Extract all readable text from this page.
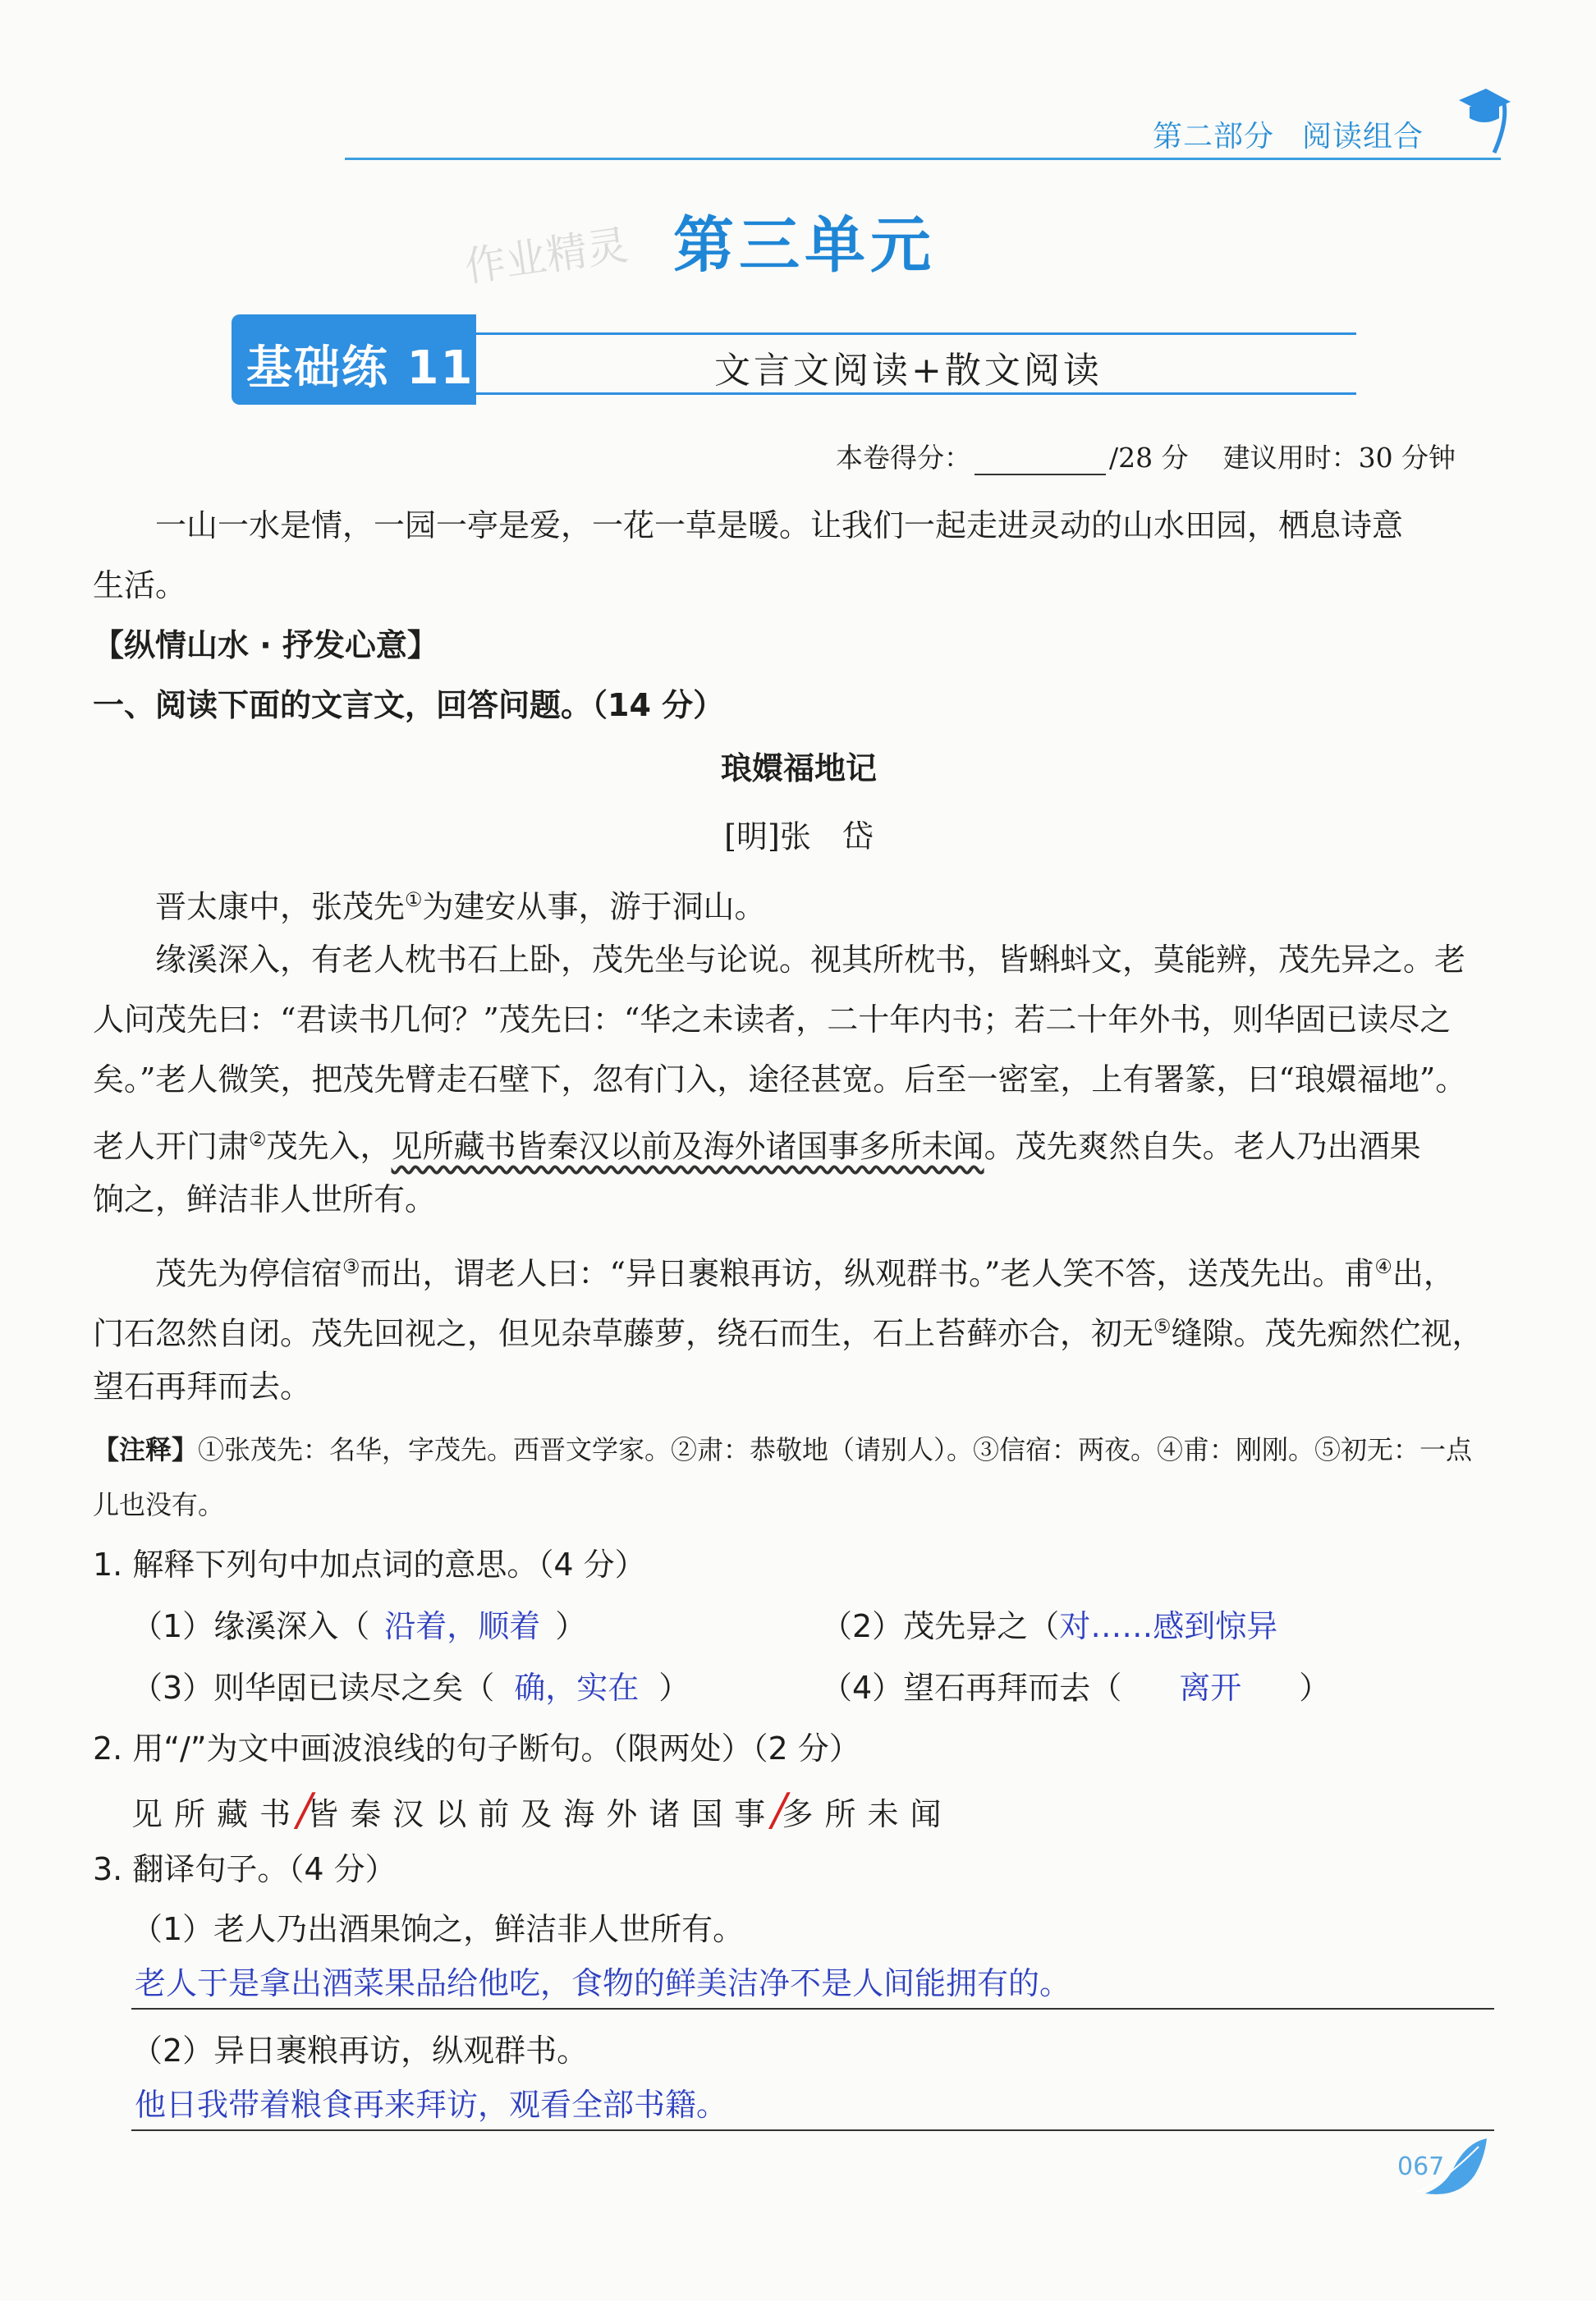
第二部分 阅读组合
作业精灵 第三单元
基础练 11	文言文阅读+散文阅读
本卷得分：	/28 分 建议用时：30 分钟
一山一水是情，一园一亭是爱，一花一草是暖。让我们一起走进灵动的山水田园，栖息诗意
生活。
【纵情山水 · 抒发心意】
一、阅读下面的文言文，回答问题。（14 分）
琅嬛福地记
[明]张　岱
晋太康中，张茂先①为建安从事，游于洞山。
缘溪深入，有老人枕书石上卧，茂先坐与论说。视其所枕书，皆蝌蚪文，莫能辨，茂先异之。老
人问茂先曰：“君读书几何？”茂先曰：“华之未读者，二十年内书；若二十年外书，则华固已读尽之
矣。”老人微笑，把茂先臂走石壁下，忽有门入，途径甚宽。后至一密室，上有署篆，曰“琅嬛福地”。
老人开门肃②茂先入，见所藏书皆秦汉以前及海外诸国事多所未闻。茂先爽然自失。老人乃出酒果
饷之，鲜洁非人世所有。
茂先为停信宿③而出，谓老人曰：“异日裹粮再访，纵观群书。”老人笑不答，送茂先出。甫④出，
门石忽然自闭。茂先回视之，但见杂草藤萝，绕石而生，石上苔藓亦合，初无⑤缝隙。茂先痴然伫视，
望石再拜而去。
【注释】①张茂先：名华，字茂先。西晋文学家。②肃：恭敬地（请别人）。③信宿：两夜。④甫：刚刚。⑤初无：一点
儿也没有。
1. 解释下列句中加点词的意思。（4 分）
（1）缘溪深入（ 沿着，顺着 ）	（2）茂先异之（对……感到惊异
（3）则华固已读尽之矣（ 确，实在 ）	（4）望石再拜而去（ 离开 ）
2. 用“/”为文中画波浪线的句子断句。（限两处）（2 分）
见所藏书/皆秦汉以前及海外诸国事/多所未闻
3. 翻译句子。（4 分）
（1）老人乃出酒果饷之，鲜洁非人世所有。
老人于是拿出酒菜果品给他吃，食物的鲜美洁净不是人间能拥有的。
（2）异日裹粮再访，纵观群书。
他日我带着粮食再来拜访，观看全部书籍。
067
